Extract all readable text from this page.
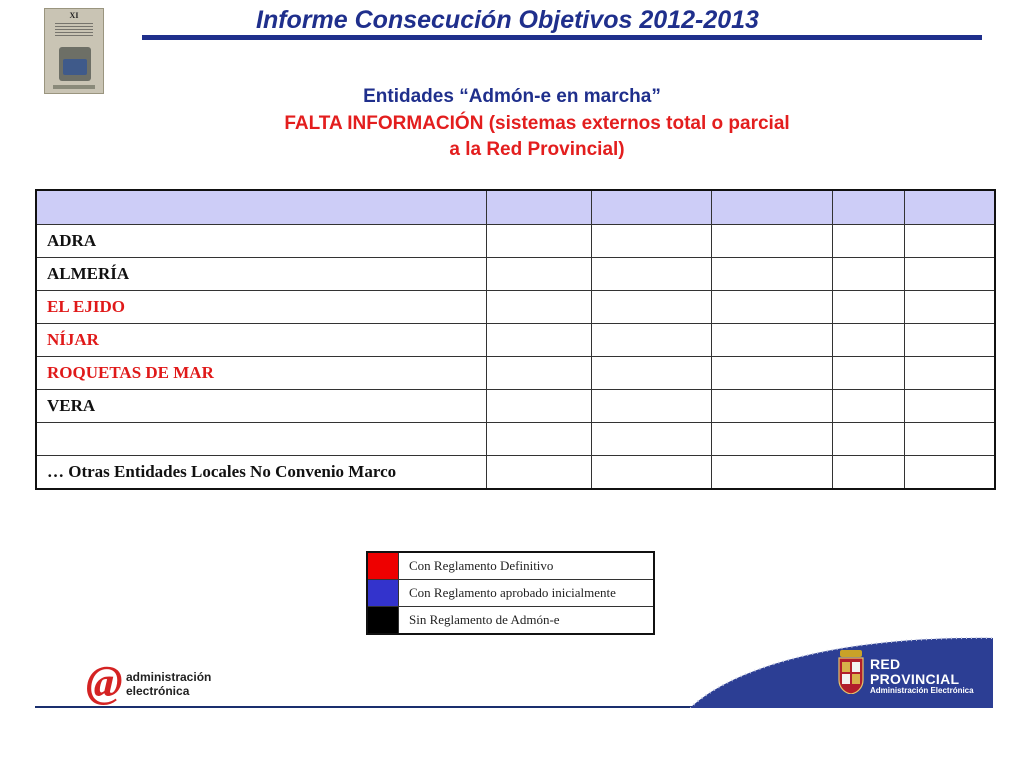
XI	Informe Consecución Objetivos 2012-2013
Entidades “Admón-e en marcha”
FALTA INFORMACIÓN (sistemas externos total o parcial
a la Red Provincial)

ADRA					
ALMERÍA					
EL EJIDO					
NÍJAR					
ROQUETAS DE MAR					
VERA					

… Otras Entidades Locales No Convenio Marco					
	Con Reglamento Definitivo
	Con Reglamento aprobado inicialmente
	Sin Reglamento de Admón-e
@ administración
electrónica
RED
PROVINCIAL
Administración Electrónica
